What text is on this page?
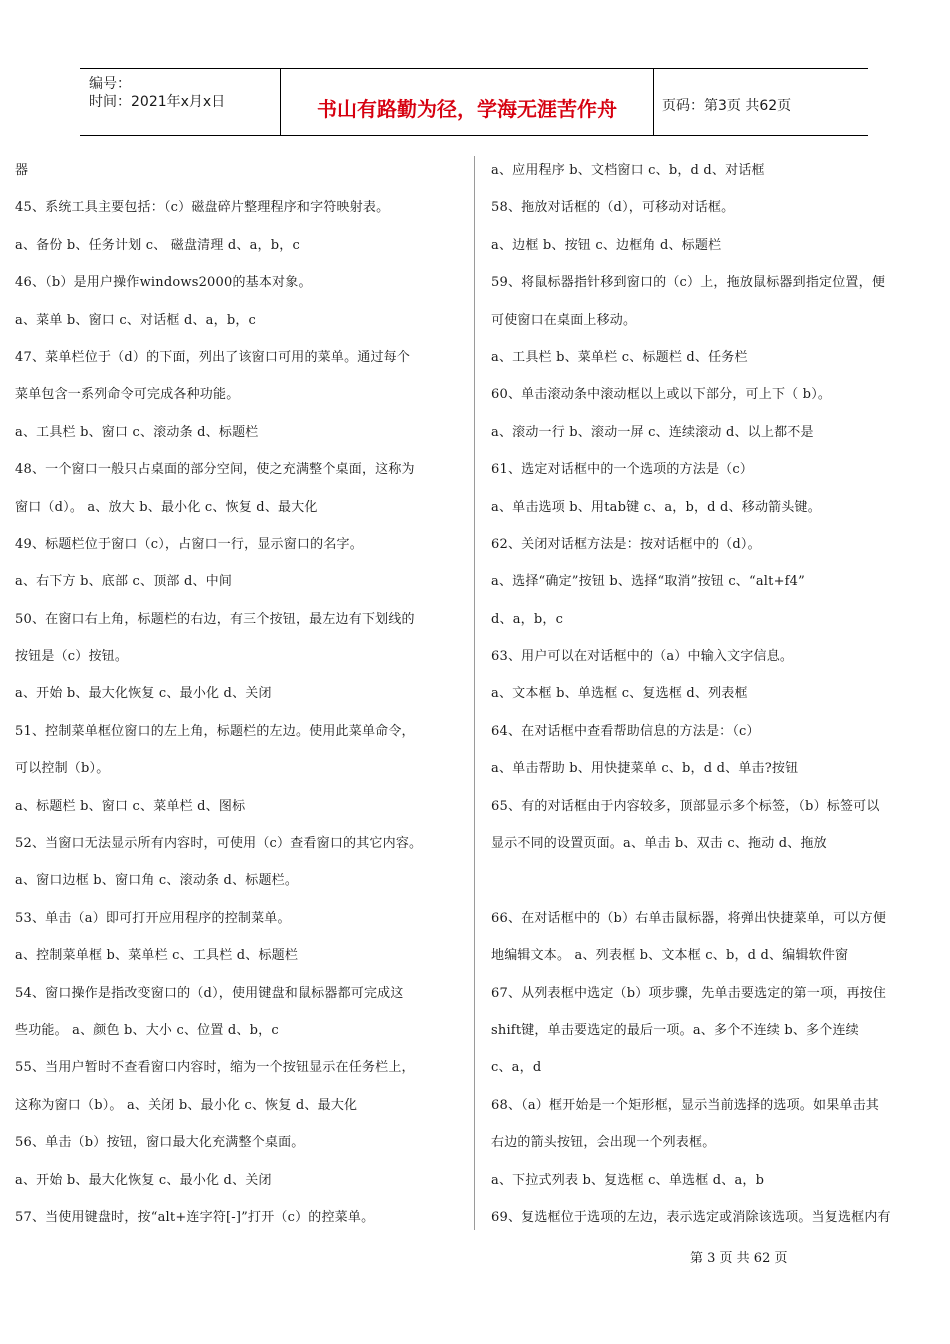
编号：
时间：2021年x月x日	书山有路勤为径，学海无涯苦作舟	页码：第3页 共62页
器
45、系统工具主要包括：（c）磁盘碎片整理程序和字符映射表。
a、备份 b、任务计划 c、 磁盘清理 d、a，b，c
46、（b）是用户操作windows2000的基本对象。
a、菜单 b、窗口 c、对话框 d、a，b，c
47、菜单栏位于（d）的下面，列出了该窗口可用的菜单。通过每个
菜单包含一系列命令可完成各种功能。
a、工具栏 b、窗口 c、滚动条 d、标题栏
48、一个窗口一般只占桌面的部分空间，使之充满整个桌面，这称为
窗口（d）。 a、放大 b、最小化 c、恢复 d、最大化
49、标题栏位于窗口（c），占窗口一行，显示窗口的名字。
a、右下方 b、底部 c、顶部 d、中间
50、在窗口右上角，标题栏的右边，有三个按钮，最左边有下划线的
按钮是（c）按钮。
a、开始 b、最大化恢复 c、最小化 d、关闭
51、控制菜单框位窗口的左上角，标题栏的左边。使用此菜单命令，
可以控制（b）。
a、标题栏 b、窗口 c、菜单栏 d、图标
52、当窗口无法显示所有内容时，可使用（c）查看窗口的其它内容。
a、窗口边框 b、窗口角 c、滚动条 d、标题栏。
53、单击（a）即可打开应用程序的控制菜单。
a、控制菜单框 b、菜单栏 c、工具栏 d、标题栏
54、窗口操作是指改变窗口的（d），使用键盘和鼠标器都可完成这
些功能。 a、颜色 b、大小 c、位置 d、b，c
55、当用户暂时不查看窗口内容时，缩为一个按钮显示在任务栏上，
这称为窗口（b）。 a、关闭 b、最小化 c、恢复 d、最大化
56、单击（b）按钮，窗口最大化充满整个桌面。
a、开始 b、最大化恢复 c、最小化 d、关闭
57、当使用键盘时，按“alt+连字符[-]”打开（c）的控菜单。
a、应用程序 b、文档窗口 c、b，d d、对话框
58、拖放对话框的（d），可移动对话框。
a、边框 b、按钮 c、边框角 d、标题栏
59、将鼠标器指针移到窗口的（c）上，拖放鼠标器到指定位置，便
可使窗口在桌面上移动。
a、工具栏 b、菜单栏 c、标题栏 d、任务栏
60、单击滚动条中滚动框以上或以下部分，可上下（ b）。
a、滚动一行 b、滚动一屏 c、连续滚动 d、以上都不是
61、选定对话框中的一个选项的方法是（c）
a、单击选项 b、用tab键 c、a，b，d d、移动箭头键。
62、关闭对话框方法是：按对话框中的（d）。
a、选择“确定”按钮 b、选择“取消”按钮 c、“alt+f4”
d、a，b，c
63、用户可以在对话框中的（a）中输入文字信息。
a、文本框 b、单选框 c、复选框 d、列表框
64、在对话框中查看帮助信息的方法是：（c）
a、单击帮助 b、用快捷菜单 c、b，d d、单击?按钮
65、有的对话框由于内容较多，顶部显示多个标签，（b）标签可以
显示不同的设置页面。a、单击 b、双击 c、拖动 d、拖放
66、在对话框中的（b）右单击鼠标器，将弹出快捷菜单，可以方便
地编辑文本。 a、列表框 b、文本框 c、b，d d、编辑软件窗
67、从列表框中选定（b）项步骤，先单击要选定的第一项，再按住
shift键，单击要选定的最后一项。a、多个不连续 b、多个连续
c、a，d
68、（a）框开始是一个矩形框，显示当前选择的选项。如果单击其
右边的箭头按钮，会出现一个列表框。
a、下拉式列表 b、复选框 c、单选框 d、a，b
69、复选框位于选项的左边，表示选定或消除该选项。当复选框内有
第 3 页 共 62 页
